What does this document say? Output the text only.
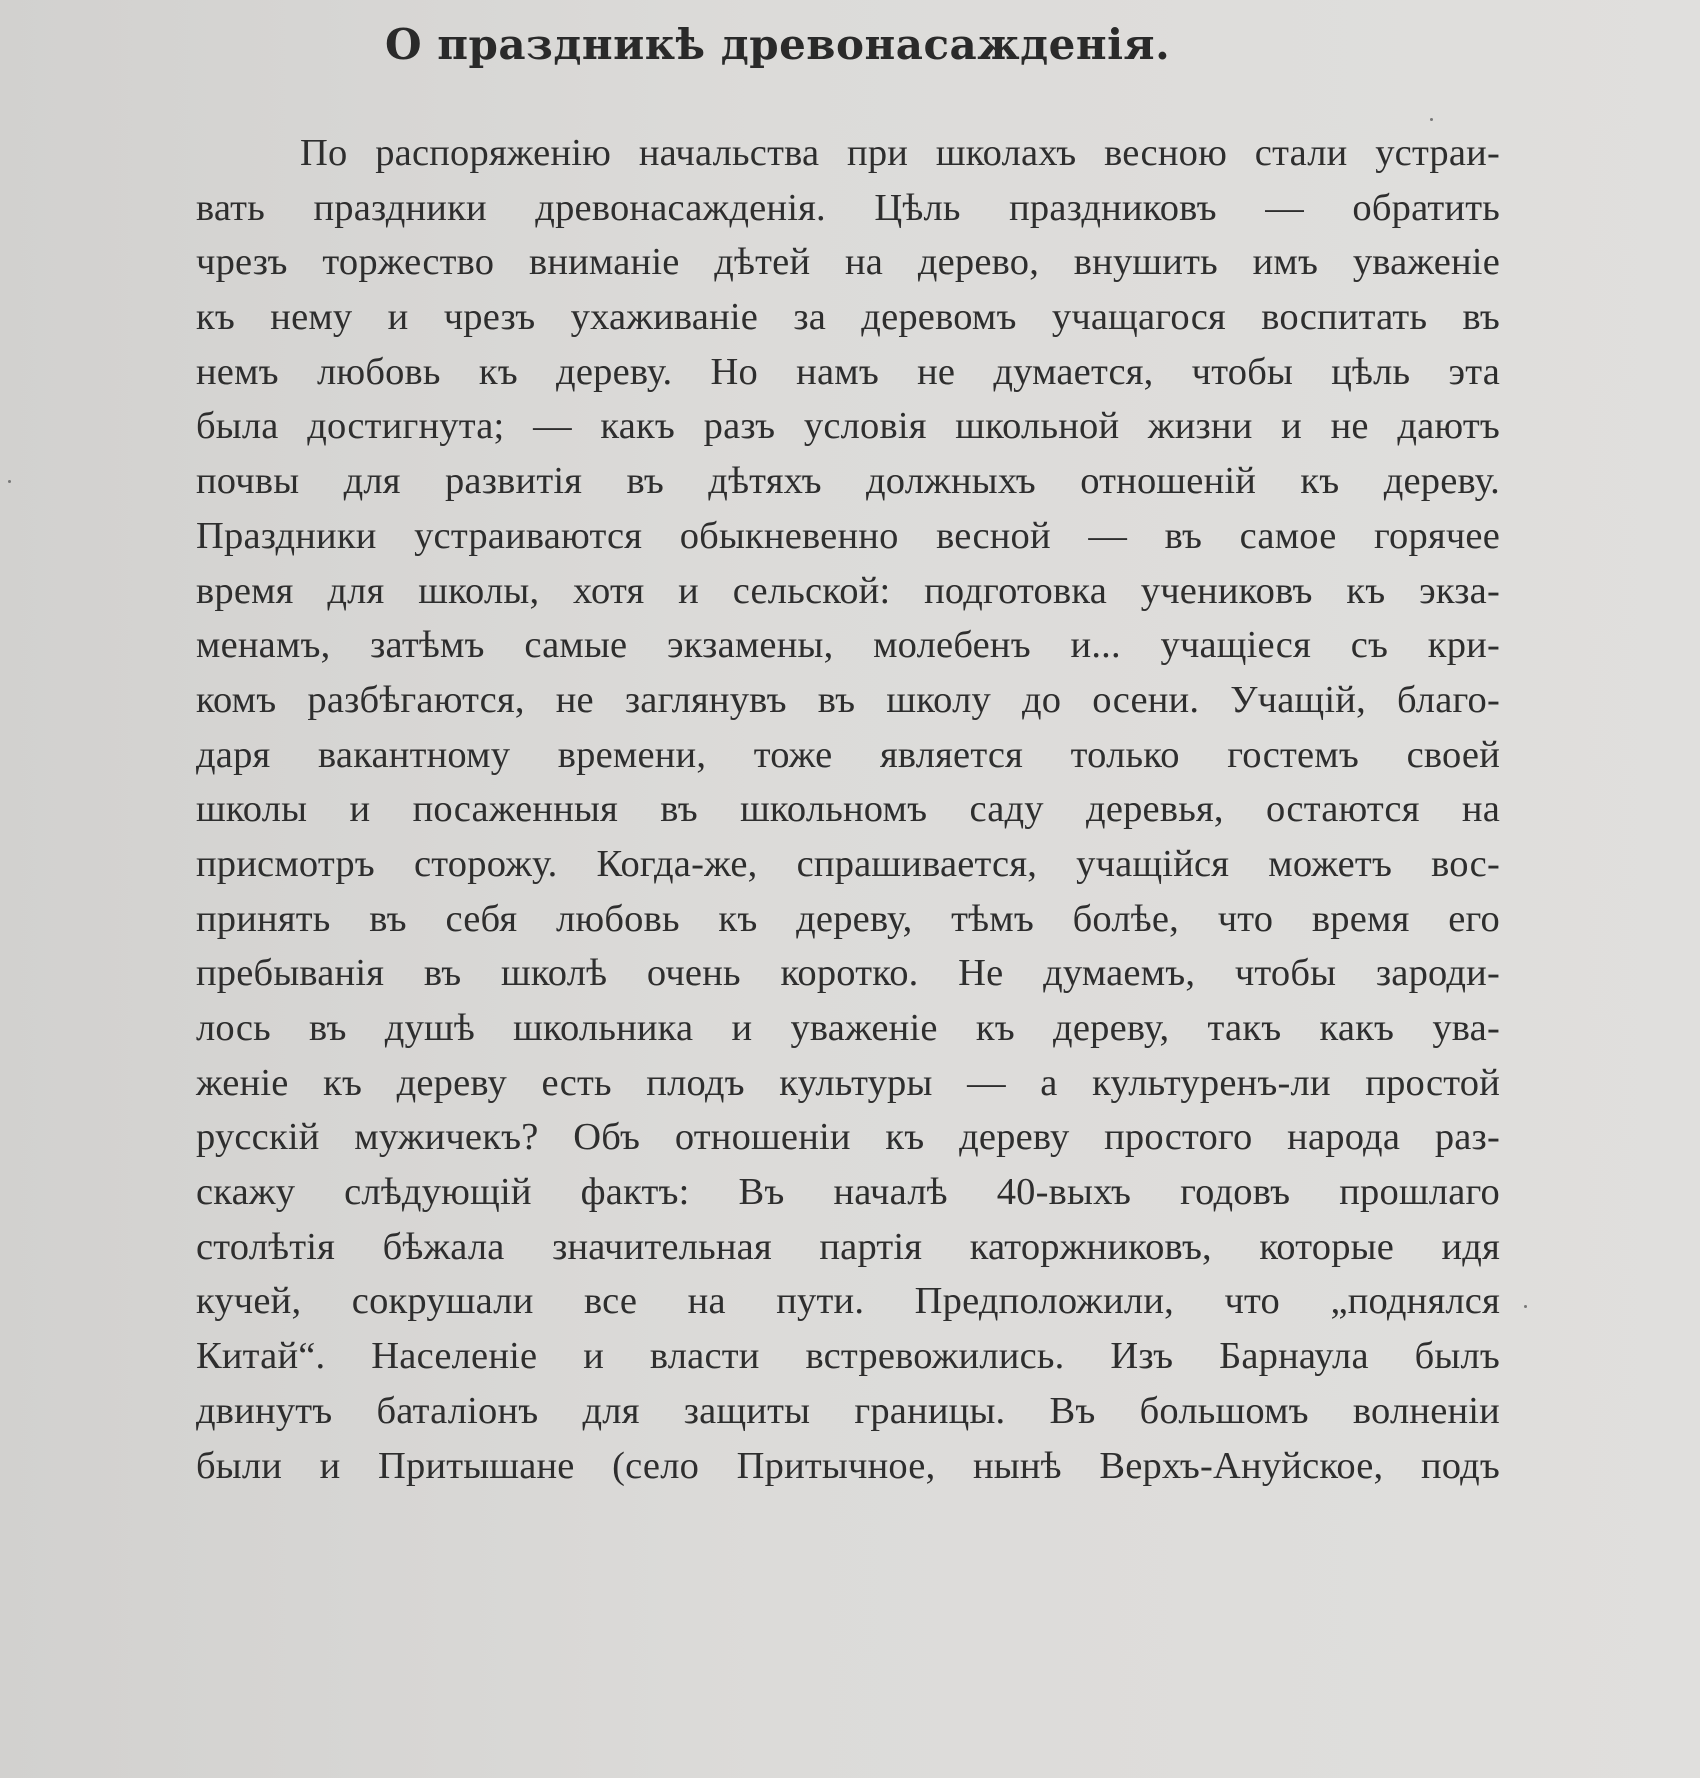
О праздникѣ древонасажденія.
По распоряженію начальства при школахъ весною стали устраи-
вать праздники древонасажденія. Цѣль праздниковъ — обратить
чрезъ торжество вниманіе дѣтей на дерево, внушить имъ уваженіе
къ нему и чрезъ ухаживаніе за деревомъ учащагося воспитать въ
немъ любовь къ дереву. Но намъ не думается, чтобы цѣль эта
была достигнута; — какъ разъ условія школьной жизни и не даютъ
почвы для развитія въ дѣтяхъ должныхъ отношеній къ дереву.
Праздники устраиваются обыкневенно весной — въ самое горячее
время для школы, хотя и сельской: подготовка учениковъ къ экза-
менамъ, затѣмъ самые экзамены, молебенъ и... учащіеся съ кри-
комъ разбѣгаются, не заглянувъ въ школу до осени. Учащій, благо-
даря вакантному времени, тоже является только гостемъ своей
школы и посаженныя въ школьномъ саду деревья, остаются на
присмотръ сторожу. Когда-же, спрашивается, учащійся можетъ вос-
принять въ себя любовь къ дереву, тѣмъ болѣе, что время его
пребыванія въ школѣ очень коротко. Не думаемъ, чтобы зароди-
лось въ душѣ школьника и уваженіе къ дереву, такъ какъ ува-
женіе къ дереву есть плодъ культуры — а культуренъ-ли простой
русскій мужичекъ? Объ отношеніи къ дереву простого народа раз-
скажу слѣдующій фактъ: Въ началѣ 40-выхъ годовъ прошлаго
столѣтія бѣжала значительная партія каторжниковъ, которые идя
кучей, сокрушали все на пути. Предположили, что „поднялся
Китай“. Населеніе и власти встревожились. Изъ Барнаула былъ
двинутъ баталіонъ для защиты границы. Въ большомъ волненіи
были и Притышане (село Притычное, нынѣ Верхъ-Ануйское, подъ
